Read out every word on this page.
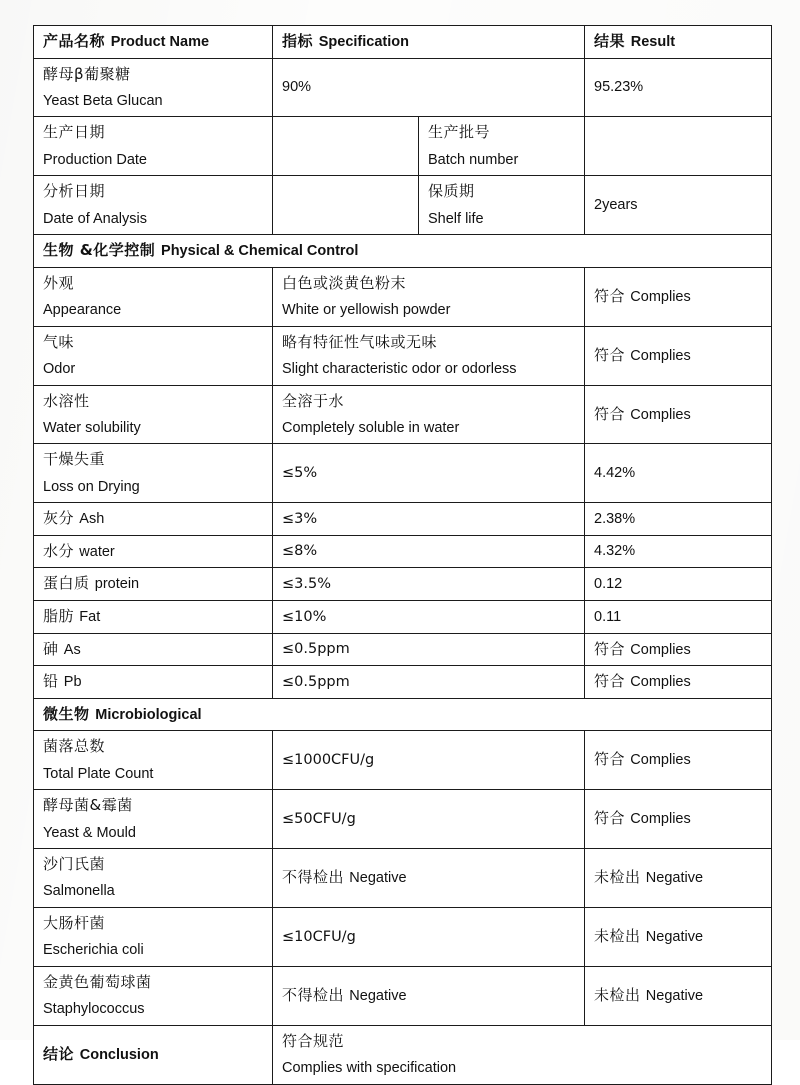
产品名称 Product Name	指标 Specification		结果 Result

酵母β葡聚糖
Yeast Beta Glucan	90%		95.23%

生产日期
Production Date		生产批号
Batch number	

分析日期
Date of Analysis		保质期
Shelf life	2years
生物 &化学控制 Physical & Chemical Control			

外观
Appearance	白色或淡黄色粉末
White or yellowish powder		符合 Complies

气味
Odor	略有特征性气味或无味
Slight characteristic odor or odorless		符合 Complies

水溶性
Water solubility	全溶于水
Completely soluble in water		符合 Complies

干燥失重
Loss on Drying	≤5%		4.42%
灰分 Ash	≤3%		2.38%
水分 water	≤8%		4.32%
蛋白质 protein	≤3.5%		0.12
脂肪 Fat	≤10%		0.11
砷 As	≤0.5ppm		符合 Complies
铅 Pb	≤0.5ppm		符合 Complies
微生物 Microbiological			

菌落总数
Total Plate Count	≤1000CFU/g		符合 Complies

酵母菌&霉菌
Yeast & Mould	≤50CFU/g		符合 Complies

沙门氏菌
Salmonella	不得检出 Negative		未检出 Negative

大肠杆菌
Escherichia coli	≤10CFU/g		未检出 Negative

金黄色葡萄球菌
Staphylococcus	不得检出 Negative		未检出 Negative
结论 Conclusion	符合规范
Complies with specification		
